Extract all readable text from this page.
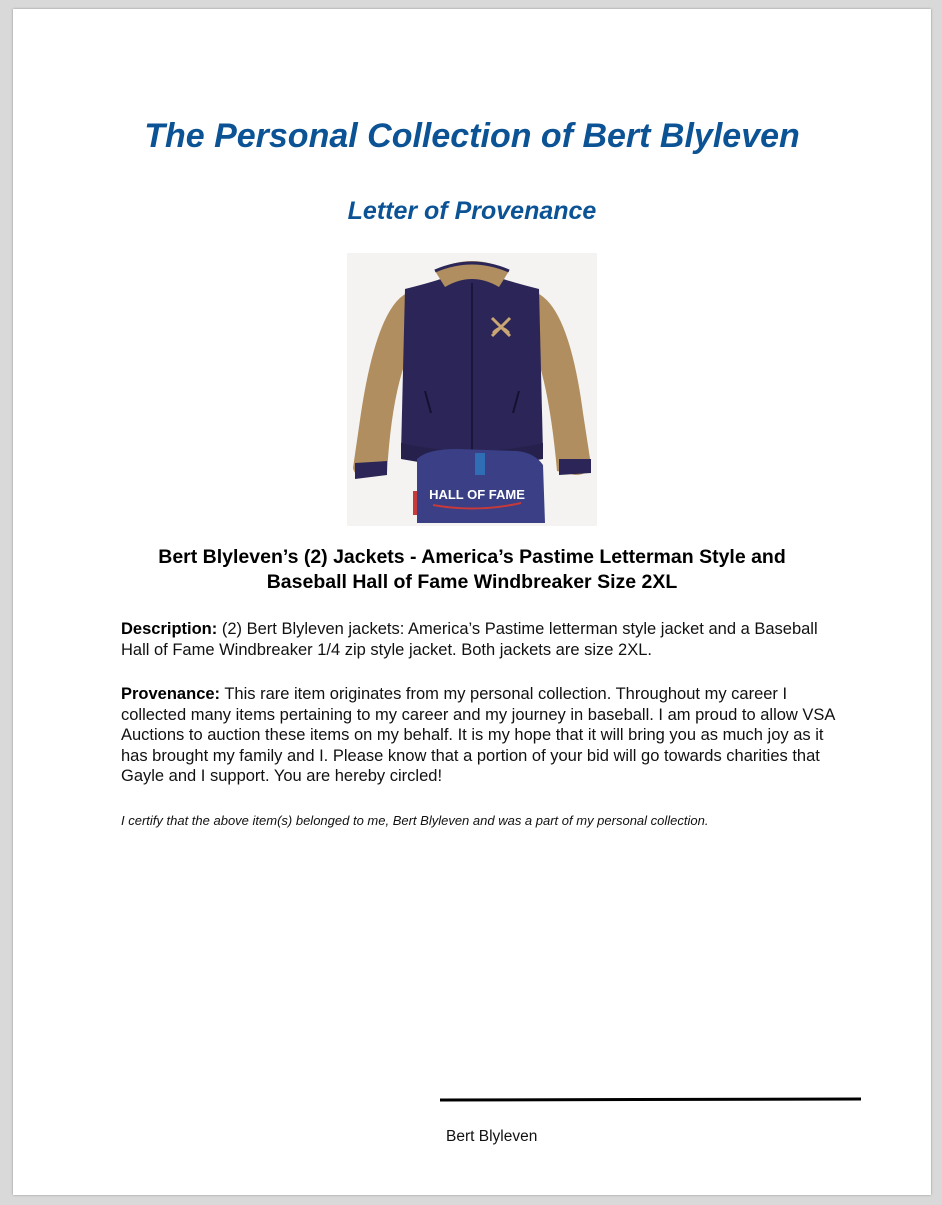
The Personal Collection of Bert Blyleven
Letter of Provenance
HALL OF FAME
Bert Blyleven’s (2) Jackets - America’s Pastime Letterman Style and
Baseball Hall of Fame Windbreaker Size 2XL

Description: (2) Bert Blyleven jackets: America’s Pastime letterman style jacket and a Baseball Hall of Fame Windbreaker 1/4 zip style jacket. Both jackets are size 2XL.

Provenance: This rare item originates from my personal collection. Throughout my career I collected many items pertaining to my career and my journey in baseball. I am proud to allow VSA Auctions to auction these items on my behalf. It is my hope that it will bring you as much joy as it has brought my family and I. Please know that a portion of your bid will go towards charities that Gayle and I support. You are hereby circled!

I certify that the above item(s) belonged to me, Bert Blyleven and was a part of my personal collection.

Bert Blyleven
